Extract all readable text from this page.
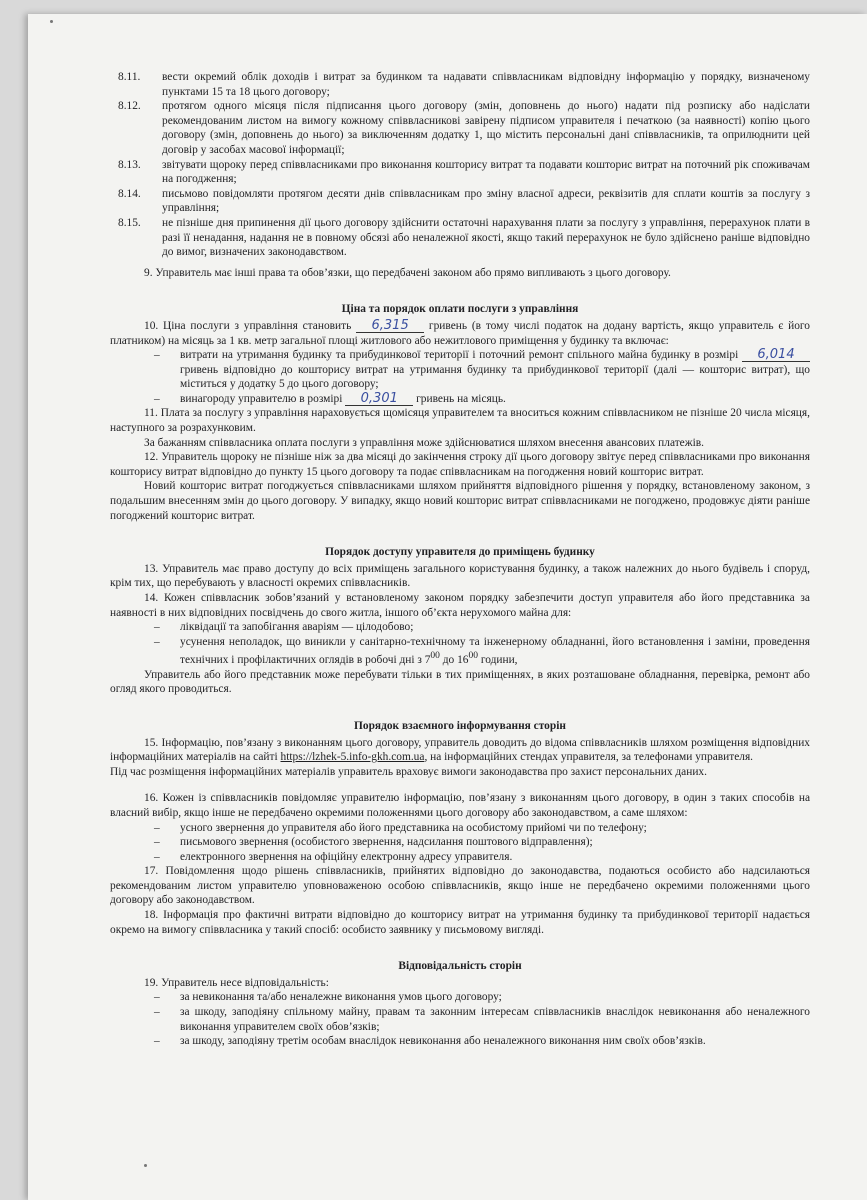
8.11.	вести окремий облік доходів і витрат за будинком та надавати співвласникам відповідну інформацію у порядку, визначеному пунктами 15 та 18 цього договору;
8.12.	протягом одного місяця після підписання цього договору (змін, доповнень до нього) надати під розписку або надіслати рекомендованим листом на вимогу кожному співвласникові завірену підписом управителя і печаткою (за наявності) копію цього договору (змін, доповнень до нього) за виключенням додатку 1, що містить персональні дані співвласників, та оприлюднити цей договір у засобах масової інформації;
8.13.	звітувати щороку перед співвласниками про виконання кошторису витрат та подавати кошторис витрат на поточний рік споживачам на погодження;
8.14.	письмово повідомляти протягом десяти днів співвласникам про зміну власної адреси, реквізитів для сплати коштів за послугу з управління;
8.15.	не пізніше дня припинення дії цього договору здійснити остаточні нарахування плати за послугу з управління, перерахунок плати в разі її ненадання, надання не в повному обсязі або неналежної якості, якщо такий перерахунок не було здійснено раніше відповідно до вимог, визначених законодавством.

9. Управитель має інші права та обов’язки, що передбачені законом або прямо випливають з цього договору.

Ціна та порядок оплати послуги з управління

10. Ціна послуги з управління становить 6,315 гривень (в тому числі податок на додану вартість, якщо управитель є його платником) на місяць за 1 кв. метр загальної площі житлового або нежитлового приміщення у будинку та включає:

–	витрати на утримання будинку та прибудинкової території і поточний ремонт спільного майна будинку в розмірі 6,014 гривень відповідно до кошторису витрат на утримання будинку та прибудинкової території (далі — кошторис витрат), що міститься у додатку 5 до цього договору;
–	винагороду управителю в розмірі 0,301 гривень на місяць.

11. Плата за послугу з управління нараховується щомісяця управителем та вноситься кожним співвласником не пізніше 20 числа місяця, наступного за розрахунковим.

За бажанням співвласника оплата послуги з управління може здійснюватися шляхом внесення авансових платежів.

12. Управитель щороку не пізніше ніж за два місяці до закінчення строку дії цього договору звітує перед співвласниками про виконання кошторису витрат відповідно до пункту 15 цього договору та подає співвласникам на погодження новий кошторис витрат.

Новий кошторис витрат погоджується співвласниками шляхом прийняття відповідного рішення у порядку, встановленому законом, з подальшим внесенням змін до цього договору. У випадку, якщо новий кошторис витрат співвласниками не погоджено, продовжує діяти раніше погоджений кошторис витрат.

Порядок доступу управителя до приміщень будинку

13. Управитель має право доступу до всіх приміщень загального користування будинку, а також належних до нього будівель і споруд, крім тих, що перебувають у власності окремих співвласників.

14. Кожен співвласник зобов’язаний у встановленому законом порядку забезпечити доступ управителя або його представника за наявності в них відповідних посвідчень до свого житла, іншого об’єкта нерухомого майна для:

–	ліквідації та запобігання аваріям — цілодобово;
–	усунення неполадок, що виникли у санітарно-технічному та інженерному обладнанні, його встановлення і заміни, проведення технічних і профілактичних оглядів в робочі дні з $7^{00}$ до $16^{00}$ години,

Управитель або його представник може перебувати тільки в тих приміщеннях, в яких розташоване обладнання, перевірка, ремонт або огляд якого проводиться.

Порядок взаємного інформування сторін

15. Інформацію, пов’язану з виконанням цього договору, управитель доводить до відома співвласників шляхом розміщення відповідних інформаційних матеріалів на сайті https://lzhek-5.info-gkh.com.ua, на інформаційних стендах управителя, за телефонами управителя.

Під час розміщення інформаційних матеріалів управитель враховує вимоги законодавства про захист персональних даних.

16. Кожен із співвласників повідомляє управителю інформацію, пов’язану з виконанням цього договору, в один з таких способів на власний вибір, якщо інше не передбачено окремими положеннями цього договору або законодавством, а саме шляхом:

–	усного звернення до управителя або його представника на особистому прийомі чи по телефону;
–	письмового звернення (особистого звернення, надсилання поштового відправлення);
–	електронного звернення на офіційну електронну адресу управителя.

17. Повідомлення щодо рішень співвласників, прийнятих відповідно до законодавства, подаються особисто або надсилаються рекомендованим листом управителю уповноваженою особою співвласників, якщо інше не передбачено окремими положеннями цього договору або законодавством.

18. Інформація про фактичні витрати відповідно до кошторису витрат на утримання будинку та прибудинкової території надається окремо на вимогу співвласника у такий спосіб: особисто заявнику у письмовому вигляді.

Відповідальність сторін

19. Управитель несе відповідальність:

–	за невиконання та/або неналежне виконання умов цього договору;
–	за шкоду, заподіяну спільному майну, правам та законним інтересам співвласників внаслідок невиконання або неналежного виконання управителем своїх обов’язків;
–	за шкоду, заподіяну третім особам внаслідок невиконання або неналежного виконання ним своїх обов’язків.
